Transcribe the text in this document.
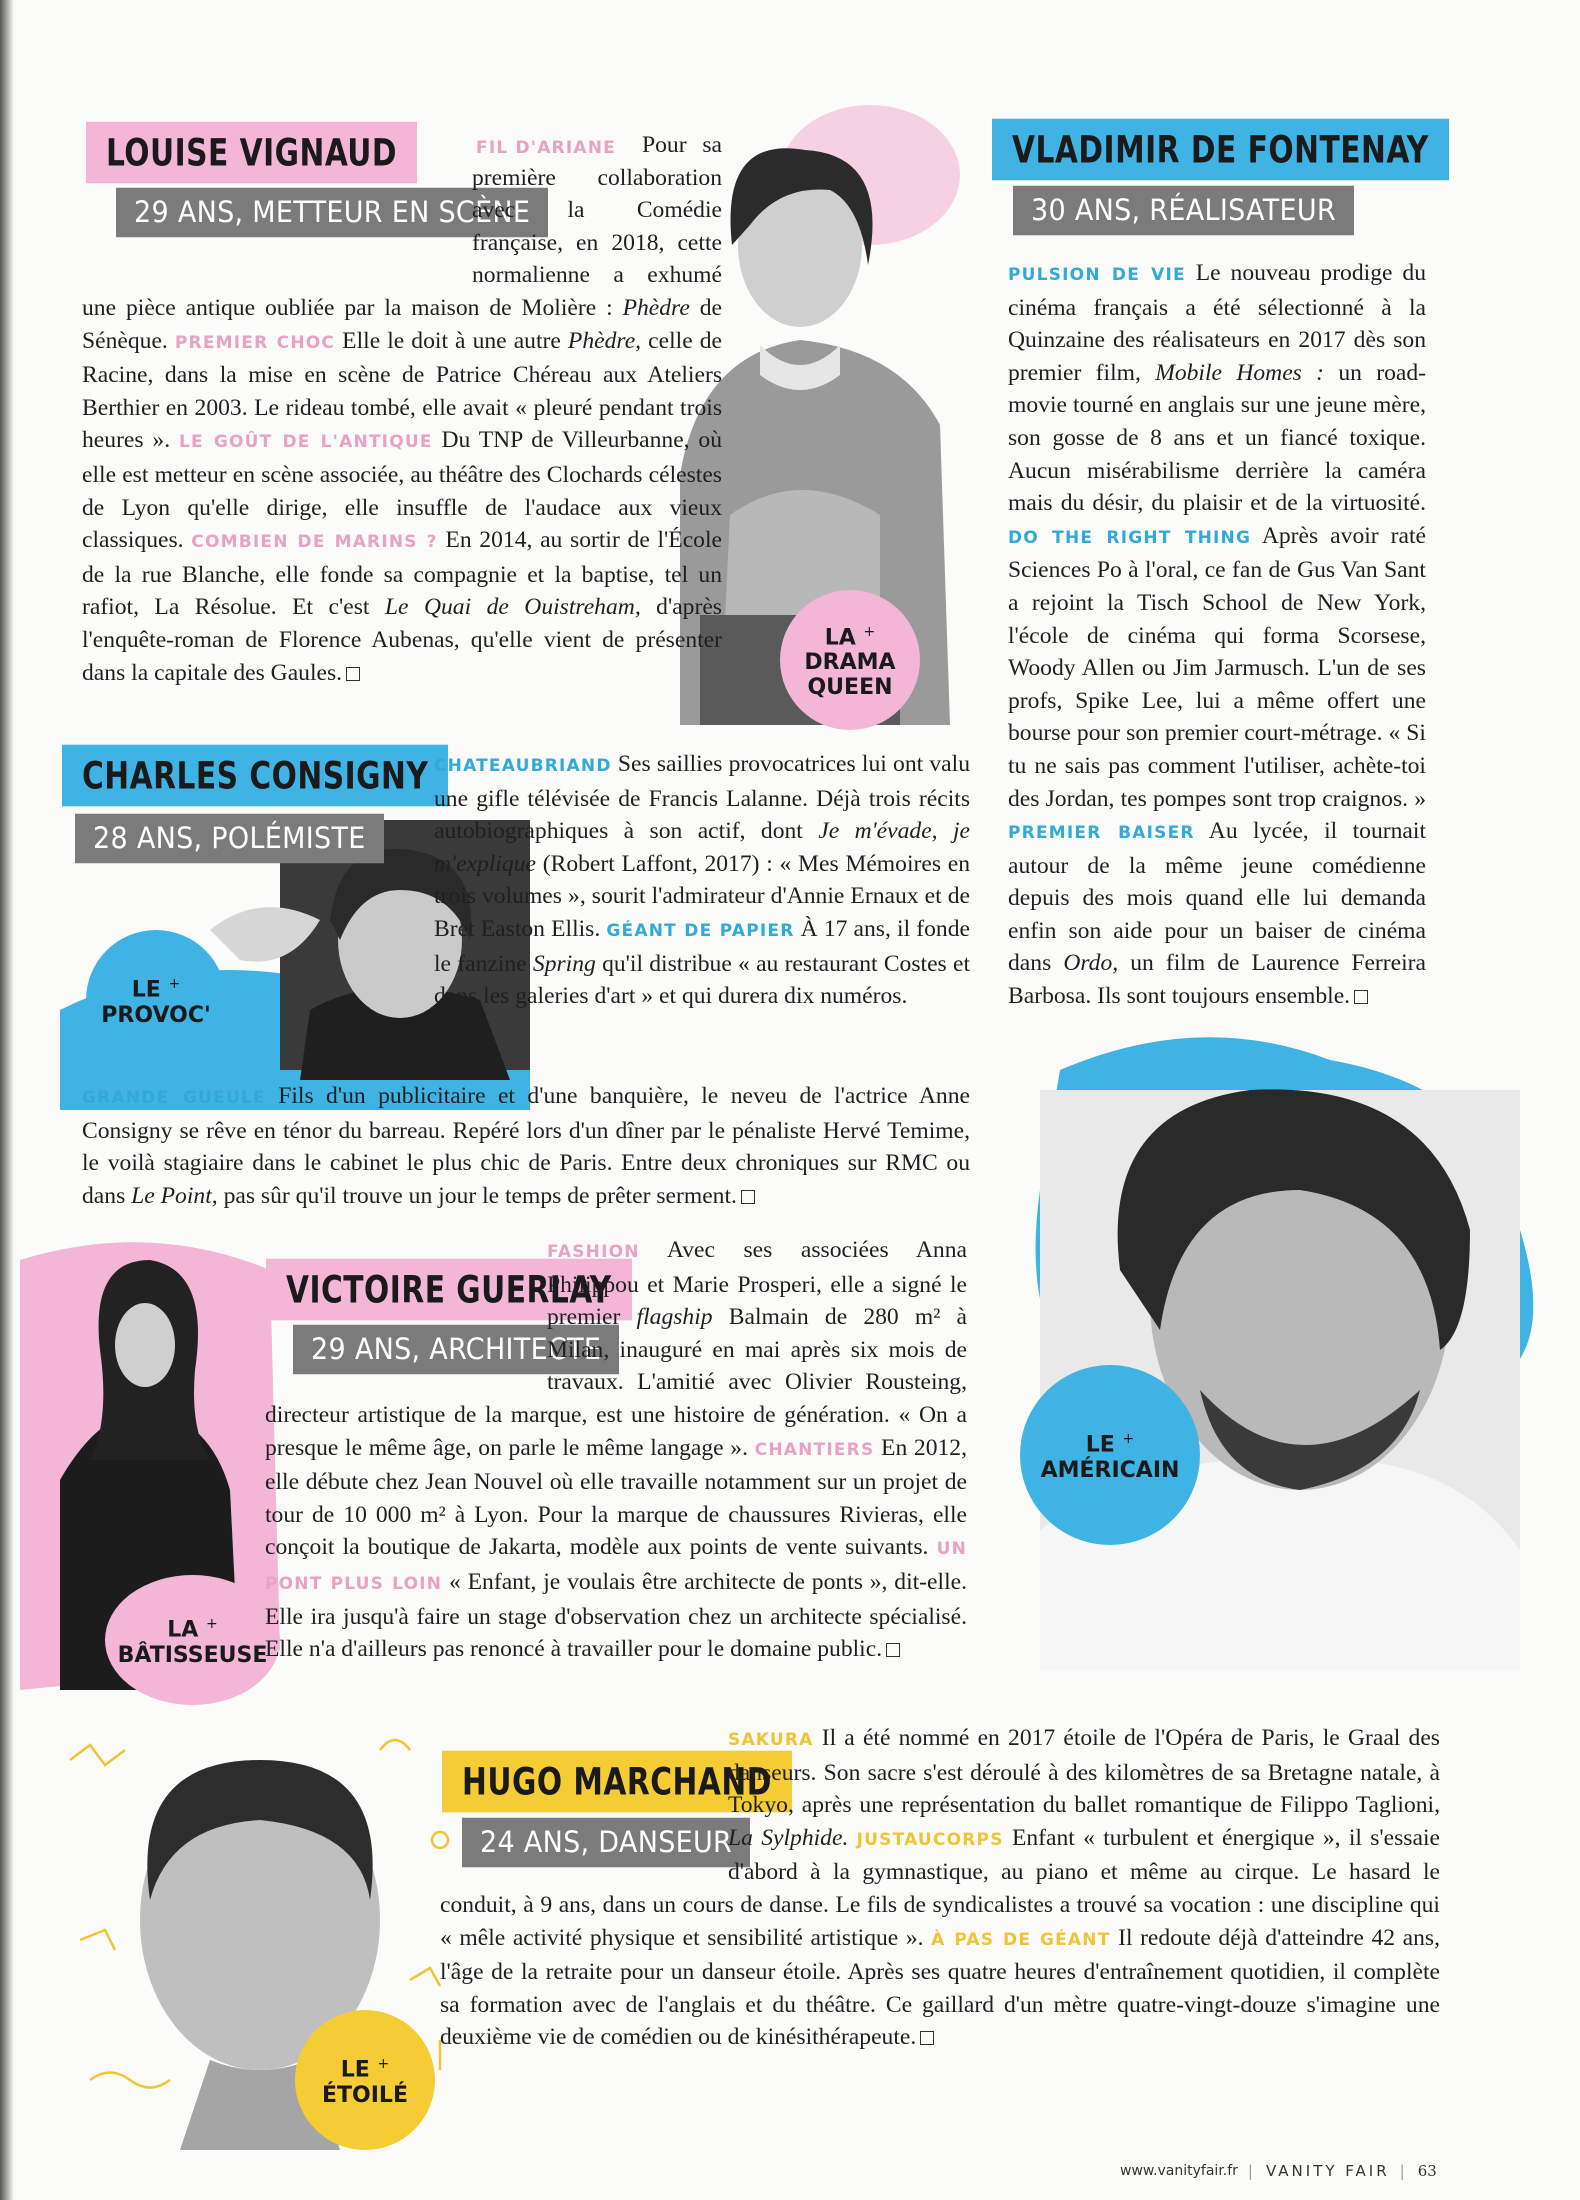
LA +
DRAMA QUEEN
LOUISE VIGNAUD
29 ANS, METTEUR EN SCÈNE
FIL D'ARIANE	Pour sa première collaboration avec la Comédie française, en 2018, cette normalienne a exhumé une pièce antique oubliée par la maison de Molière : Phèdre de Sénèque. PREMIER CHOC Elle le doit à une autre Phèdre, celle de Racine, dans la mise en scène de Patrice Chéreau aux Ateliers Berthier en 2003. Le rideau tombé, elle avait « pleuré pendant trois heures ». LE GOÛT DE L'ANTIQUE Du TNP de Villeurbanne, où elle est metteur en scène associée, au théâtre des Clochards célestes de Lyon qu'elle dirige, elle insuffle de l'audace aux vieux classiques. COMBIEN DE MARINS ? En 2014, au sortir de l'École de la rue Blanche, elle fonde sa compagnie et la baptise, tel un rafiot, La Résolue. Et c'est Le Quai de Ouistreham, d'après l'enquête-roman de Florence Aubenas, qu'elle vient de présenter dans la capitale des Gaules.
VLADIMIR DE FONTENAY
30 ANS, RÉALISATEUR
PULSION DE VIE Le nouveau prodige du cinéma français a été sélectionné à la Quinzaine des réalisateurs en 2017 dès son premier film, Mobile Homes : un road-movie tourné en anglais sur une jeune mère, son gosse de 8 ans et un fiancé toxique. Aucun misérabilisme derrière la caméra mais du désir, du plaisir et de la virtuosité. DO THE RIGHT THING Après avoir raté Sciences Po à l'oral, ce fan de Gus Van Sant a rejoint la Tisch School de New York, l'école de cinéma qui forma Scorsese, Woody Allen ou Jim Jarmusch. L'un de ses profs, Spike Lee, lui a même offert une bourse pour son premier court-métrage. « Si tu ne sais pas comment l'utiliser, achète-toi des Jordan, tes pompes sont trop craignos. » PREMIER BAISER Au lycée, il tournait autour de la même jeune comédienne depuis des mois quand elle lui demanda enfin son aide pour un baiser de cinéma dans Ordo, un film de Laurence Ferreira Barbosa. Ils sont toujours ensemble.
LE +
AMÉRICAIN
LE +
PROVOC'
CHARLES CONSIGNY
28 ANS, POLÉMISTE
CHATEAUBRIAND Ses saillies provocatrices lui ont valu une gifle télévisée de Francis Lalanne. Déjà trois récits autobiographiques à son actif, dont Je m'évade, je m'explique (Robert Laffont, 2017) : « Mes Mémoires en trois volumes », sourit l'admirateur d'Annie Ernaux et de Bret Easton Ellis. GÉANT DE PAPIER À 17 ans, il fonde le fanzine Spring qu'il distribue « au restaurant Costes et dans les galeries d'art » et qui durera dix numéros.
GRANDE GUEULE Fils d'un publicitaire et d'une banquière, le neveu de l'actrice Anne Consigny se rêve en ténor du barreau. Repéré lors d'un dîner par le pénaliste Hervé Temime, le voilà stagiaire dans le cabinet le plus chic de Paris. Entre deux chroniques sur RMC ou dans Le Point, pas sûr qu'il trouve un jour le temps de prêter serment.
LA +
BÂTISSEUSE
VICTOIRE GUERLAY
29 ANS, ARCHITECTE
FASHION Avec ses associées Anna Philippou et Marie Prosperi, elle a signé le premier flagship Balmain de 280 m² à Milan, inauguré en mai après six mois de travaux. L'amitié avec Olivier Rousteing, directeur artistique de la marque, est une histoire de génération. « On a presque le même âge, on parle le même langage ». CHANTIERS En 2012, elle débute chez Jean Nouvel où elle travaille notamment sur un projet de tour de 10 000 m² à Lyon. Pour la marque de chaussures Rivieras, elle conçoit la boutique de Jakarta, modèle aux points de vente suivants. UN PONT PLUS LOIN « Enfant, je voulais être architecte de ponts », dit-elle. Elle ira jusqu'à faire un stage d'observation chez un architecte spécialisé. Elle n'a d'ailleurs pas renoncé à travailler pour le domaine public.
LE +
ÉTOILÉ
HUGO MARCHAND
24 ANS, DANSEUR
SAKURA Il a été nommé en 2017 étoile de l'Opéra de Paris, le Graal des danseurs. Son sacre s'est déroulé à des kilomètres de sa Bretagne natale, à Tokyo, après une représentation du ballet romantique de Filippo Taglioni, La Sylphide. JUSTAUCORPS Enfant « turbulent et énergique », il s'essaie d'abord à la gymnastique, au piano et même au cirque. Le hasard le conduit, à 9 ans, dans un cours de danse. Le fils de syndicalistes a trouvé sa vocation : une discipline qui « mêle activité physique et sensibilité artistique ». À PAS DE GÉANT Il redoute déjà d'atteindre 42 ans, l'âge de la retraite pour un danseur étoile. Après ses quatre heures d'entraînement quotidien, il complète sa formation avec de l'anglais et du théâtre. Ce gaillard d'un mètre quatre-vingt-douze s'imagine une deuxième vie de comédien ou de kinésithérapeute.
www.vanityfair.fr | VANITY FAIR | 63
